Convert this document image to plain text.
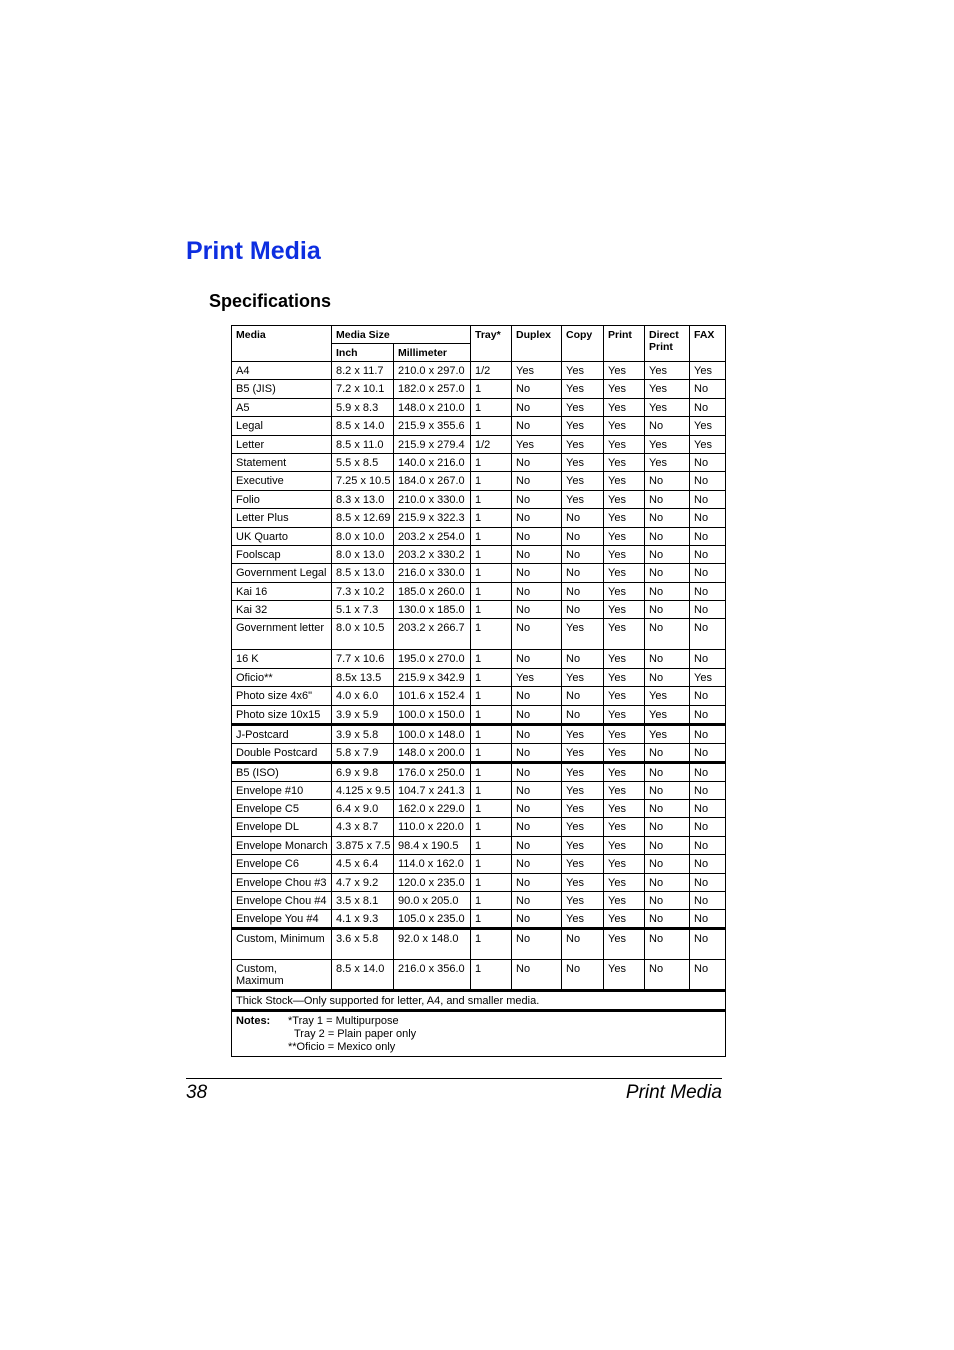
Print Media
Specifications
Media	Media Size		Tray*	Duplex	Copy	Print	Direct Print	FAX
	Inch	Millimeter						
A4	8.2 x 11.7	210.0 x 297.0	1/2	Yes	Yes	Yes	Yes	Yes
B5 (JIS)	7.2 x 10.1	182.0 x 257.0	1	No	Yes	Yes	Yes	No
A5	5.9 x 8.3	148.0 x 210.0	1	No	Yes	Yes	Yes	No
Legal	8.5 x 14.0	215.9 x 355.6	1	No	Yes	Yes	No	Yes
Letter	8.5 x 11.0	215.9 x 279.4	1/2	Yes	Yes	Yes	Yes	Yes
Statement	5.5 x 8.5	140.0 x 216.0	1	No	Yes	Yes	Yes	No
Executive	7.25 x 10.5	184.0 x 267.0	1	No	Yes	Yes	No	No
Folio	8.3 x 13.0	210.0 x 330.0	1	No	Yes	Yes	No	No
Letter Plus	8.5 x 12.69	215.9 x 322.3	1	No	No	Yes	No	No
UK Quarto	8.0 x 10.0	203.2 x 254.0	1	No	No	Yes	No	No
Foolscap	8.0 x 13.0	203.2 x 330.2	1	No	No	Yes	No	No
Government Legal	8.5 x 13.0	216.0 x 330.0	1	No	No	Yes	No	No
Kai 16	7.3 x 10.2	185.0 x 260.0	1	No	No	Yes	No	No
Kai 32	5.1 x 7.3	130.0 x 185.0	1	No	No	Yes	No	No
Government letter	8.0 x 10.5	203.2 x 266.7	1	No	Yes	Yes	No	No
16 K	7.7 x 10.6	195.0 x 270.0	1	No	No	Yes	No	No
Oficio**	8.5x 13.5	215.9 x 342.9	1	Yes	Yes	Yes	No	Yes
Photo size 4x6"	4.0 x 6.0	101.6 x 152.4	1	No	No	Yes	Yes	No
Photo size 10x15	3.9 x 5.9	100.0 x 150.0	1	No	No	Yes	Yes	No
J-Postcard	3.9 x 5.8	100.0 x 148.0	1	No	Yes	Yes	Yes	No
Double Postcard	5.8 x 7.9	148.0 x 200.0	1	No	Yes	Yes	No	No
B5 (ISO)	6.9 x 9.8	176.0 x 250.0	1	No	Yes	Yes	No	No
Envelope #10	4.125 x 9.5	104.7 x 241.3	1	No	Yes	Yes	No	No
Envelope C5	6.4 x 9.0	162.0 x 229.0	1	No	Yes	Yes	No	No
Envelope DL	4.3 x 8.7	110.0 x 220.0	1	No	Yes	Yes	No	No
Envelope Monarch	3.875 x 7.5	98.4 x 190.5	1	No	Yes	Yes	No	No
Envelope C6	4.5 x 6.4	114.0 x 162.0	1	No	Yes	Yes	No	No
Envelope Chou #3	4.7 x 9.2	120.0 x 235.0	1	No	Yes	Yes	No	No
Envelope Chou #4	3.5 x 8.1	90.0 x 205.0	1	No	Yes	Yes	No	No
Envelope You #4	4.1 x 9.3	105.0 x 235.0	1	No	Yes	Yes	No	No
Custom, Minimum	3.6 x 5.8	92.0 x 148.0	1	No	No	Yes	No	No
Custom, Maximum	8.5 x 14.0	216.0 x 356.0	1	No	No	Yes	No	No
Thick Stock—Only supported for letter, A4, and smaller media.								
Notes: *Tray 1 = Multipurpose
Tray 2 = Plain paper only
**Oficio = Mexico only								
38	Print Media
